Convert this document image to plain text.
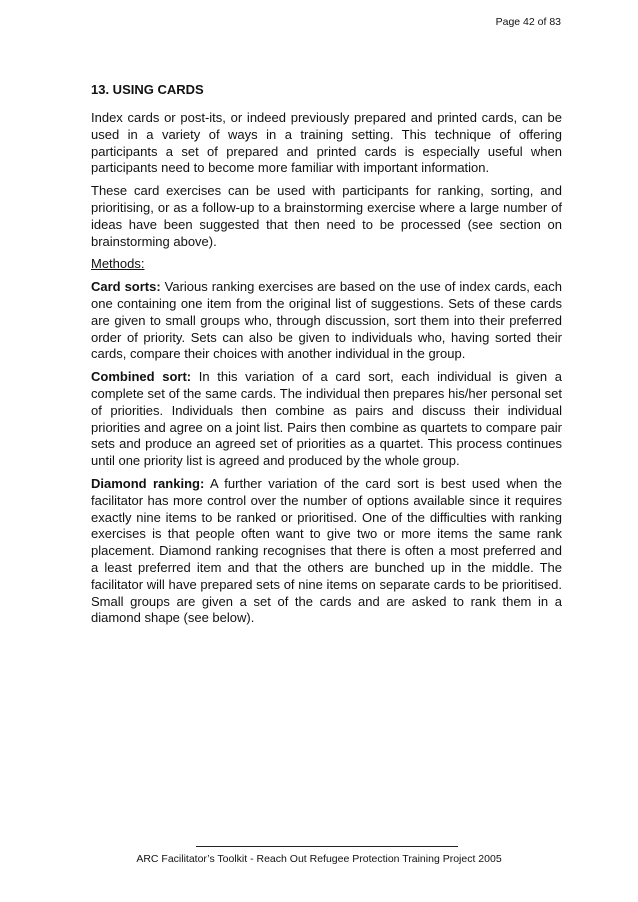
Page 42 of 83
13. USING CARDS

Index cards or post-its, or indeed previously prepared and printed cards, can be used in a variety of ways in a training setting. This technique of offering participants a set of prepared and printed cards is especially useful when participants need to become more familiar with important information.

These card exercises can be used with participants for ranking, sorting, and prioritising, or as a follow-up to a brainstorming exercise where a large number of ideas have been suggested that then need to be processed (see section on brainstorming above).

Methods:

Card sorts: Various ranking exercises are based on the use of index cards, each one containing one item from the original list of suggestions. Sets of these cards are given to small groups who, through discussion, sort them into their preferred order of priority. Sets can also be given to individuals who, having sorted their cards, compare their choices with another individual in the group.

Combined sort: In this variation of a card sort, each individual is given a complete set of the same cards. The individual then prepares his/her personal set of priorities. Individuals then combine as pairs and discuss their individual priorities and agree on a joint list. Pairs then combine as quartets to compare pair sets and produce an agreed set of priorities as a quartet. This process continues until one priority list is agreed and produced by the whole group.

Diamond ranking: A further variation of the card sort is best used when the facilitator has more control over the number of options available since it requires exactly nine items to be ranked or prioritised. One of the difficulties with ranking exercises is that people often want to give two or more items the same rank placement. Diamond ranking recognises that there is often a most preferred and a least preferred item and that the others are bunched up in the middle. The facilitator will have prepared sets of nine items on separate cards to be prioritised. Small groups are given a set of the cards and are asked to rank them in a diamond shape (see below).

ARC Facilitator’s Toolkit - Reach Out Refugee Protection Training Project 2005
